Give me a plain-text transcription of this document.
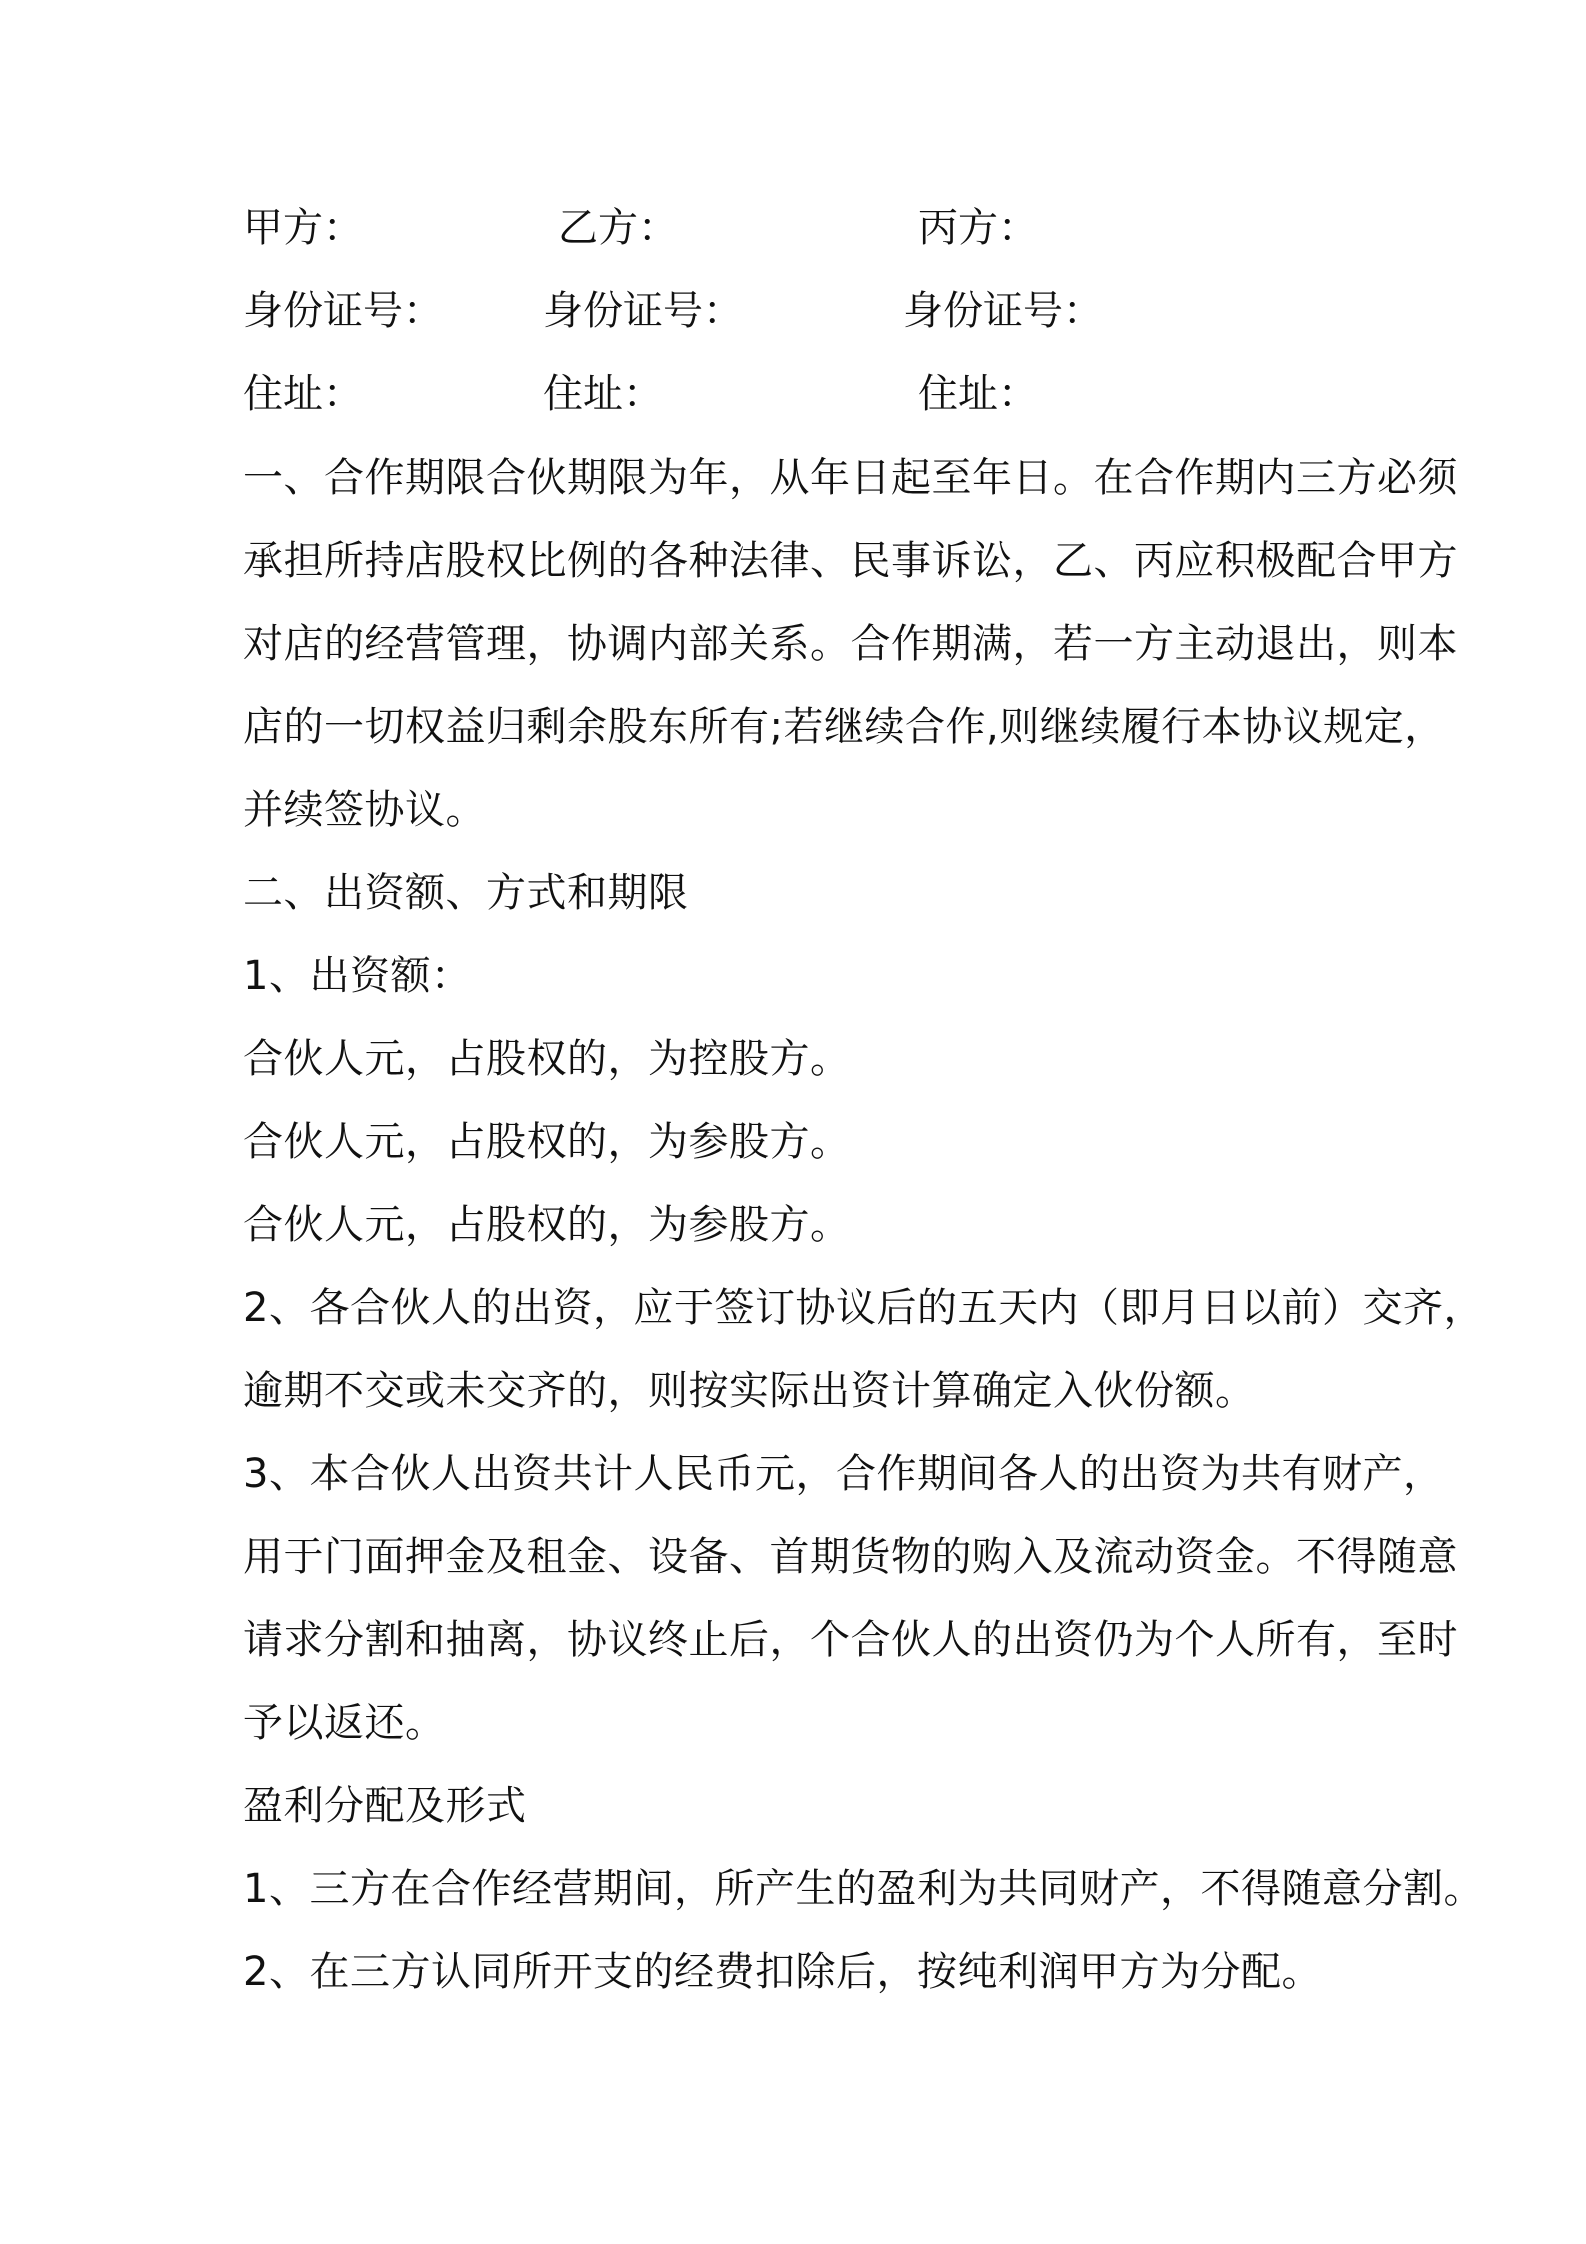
甲方：	乙方：	丙方：
身份证号：	身份证号：	身份证号：
住址：	住址：	住址：
一、合作期限合伙期限为年，从年日起至年日。在合作期内三方必须
承担所持店股权比例的各种法律、民事诉讼，乙、丙应积极配合甲方
对店的经营管理，协调内部关系。合作期满，若一方主动退出，则本
店的一切权益归剩余股东所有;若继续合作,则继续履行本协议规定，
并续签协议。
二、出资额、方式和期限
1、出资额：
合伙人元，占股权的，为控股方。
合伙人元，占股权的，为参股方。
合伙人元，占股权的，为参股方。
2、各合伙人的出资，应于签订协议后的五天内（即月日以前）交齐，
逾期不交或未交齐的，则按实际出资计算确定入伙份额。
3、本合伙人出资共计人民币元，合作期间各人的出资为共有财产，
用于门面押金及租金、设备、首期货物的购入及流动资金。不得随意
请求分割和抽离，协议终止后，个合伙人的出资仍为个人所有，至时
予以返还。
盈利分配及形式
1、三方在合作经营期间，所产生的盈利为共同财产，不得随意分割。
2、在三方认同所开支的经费扣除后，按纯利润甲方为分配。
